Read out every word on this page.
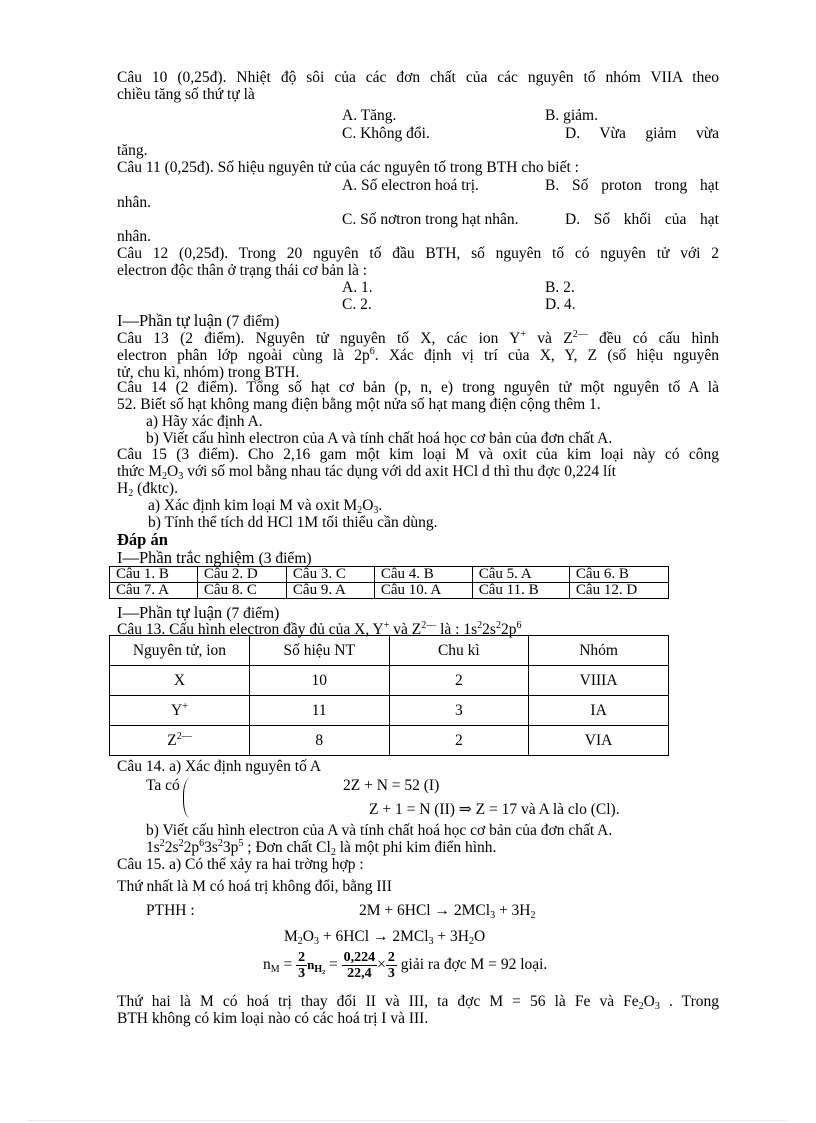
Câu 10 (0,25đ). Nhiệt độ sôi của các đơn chất của các nguyên tố nhóm VIIA theo
chiều tăng số thứ tự là
A. Tăng.	B. giảm.
C. Không đổi.	D. Vừa giảm vừa
tăng.
Câu 11 (0,25đ). Số hiệu nguyên tử của các nguyên tố trong BTH cho biết :
A. Số electron hoá trị.	B. Số proton trong hạt
nhân.
C. Số nơtron trong hạt nhân.	D. Số khối của hạt
nhân.
Câu 12 (0,25đ). Trong 20 nguyên tố đầu BTH, số nguyên tố có nguyên tử với 2
electron độc thân ở trạng thái cơ bản là :
A. 1.	B. 2.
C. 2.	D. 4.
I—Phần tự luận (7 điểm)
Câu 13 (2 điểm). Nguyên tử nguyên tố X, các ion Y+ và $Z^{2—}$ đều có cấu hình
electron phân lớp ngoài cùng là $2p^6$. Xác định vị trí của X, Y, Z (số hiệu nguyên
tử, chu kì, nhóm) trong BTH.
Câu 14 (2 điểm). Tổng số hạt cơ bản (p, n, e) trong nguyên tử một nguyên tố A là
52. Biết số hạt không mang điện bằng một nửa số hạt mang điện cộng thêm 1.
a) Hãy xác định A.
b) Viết cấu hình electron của A và tính chất hoá học cơ bản của đơn chất A.
Câu 15 (3 điểm). Cho 2,16 gam một kim loại M và oxit của kim loại này có công
thức $M_2O_3$ với số mol bằng nhau tác dụng với dd axit HCl d thì thu đợc 0,224 lít
$H_2$ (đktc).
a) Xác định kim loại M và oxit $M_2O_3$.
b) Tính thể tích dd HCl 1M tối thiểu cần dùng.
Đáp án
I—Phần trắc nghiệm (3 điểm)
Câu 1. B	Câu 2. D	Câu 3. C	Câu 4. B	Câu 5. A	Câu 6. B
Câu 7. A	Câu 8. C	Câu 9. A	Câu 10. A	Câu 11. B	Câu 12. D
I—Phần tự luận (7 điểm)
Câu 13. Cấu hình electron đầy đủ của X, Y+ và $Z^{2—}$ là : $1s^22s^22p^6$
Nguyên tử, ion	Số hiệu NT	Chu kì	Nhóm
X	10	2	VIIIA
Y+	11	3	IA
$Z^{2—}$	8	2	VIA
Câu 14. a) Xác định nguyên tố A
Ta có	2Z + N = 52 (I)
Z + 1 = N (II) ⇒ Z = 17 và A là clo (Cl).
b) Viết cấu hình electron của A và tính chất hoá học cơ bản của đơn chất A.
$1s^22s^22p^63s^23p^5$ ; Đơn chất $Cl_2$ là một phi kim điển hình.
Câu 15. a) Có thể xảy ra hai trờng hợp :
Thứ nhất là M có hoá trị không đổi, bằng III
PTHH :	$2M + 6HCl \to 2MCl_3 + 3H_2$
$M_2O_3 + 6HCl \to 2MCl_3 + 3H_2O$
$n_M = \frac{2}{3} n_{H_2} = \frac{0,224}{22,4} \times \frac{2}{3}$ giải ra đợc M = 92 loại.
Thứ hai là M có hoá trị thay đổi II và III, ta đợc M = 56 là Fe và $Fe_2O_3$ . Trong
BTH không có kim loại nào có các hoá trị I và III.
